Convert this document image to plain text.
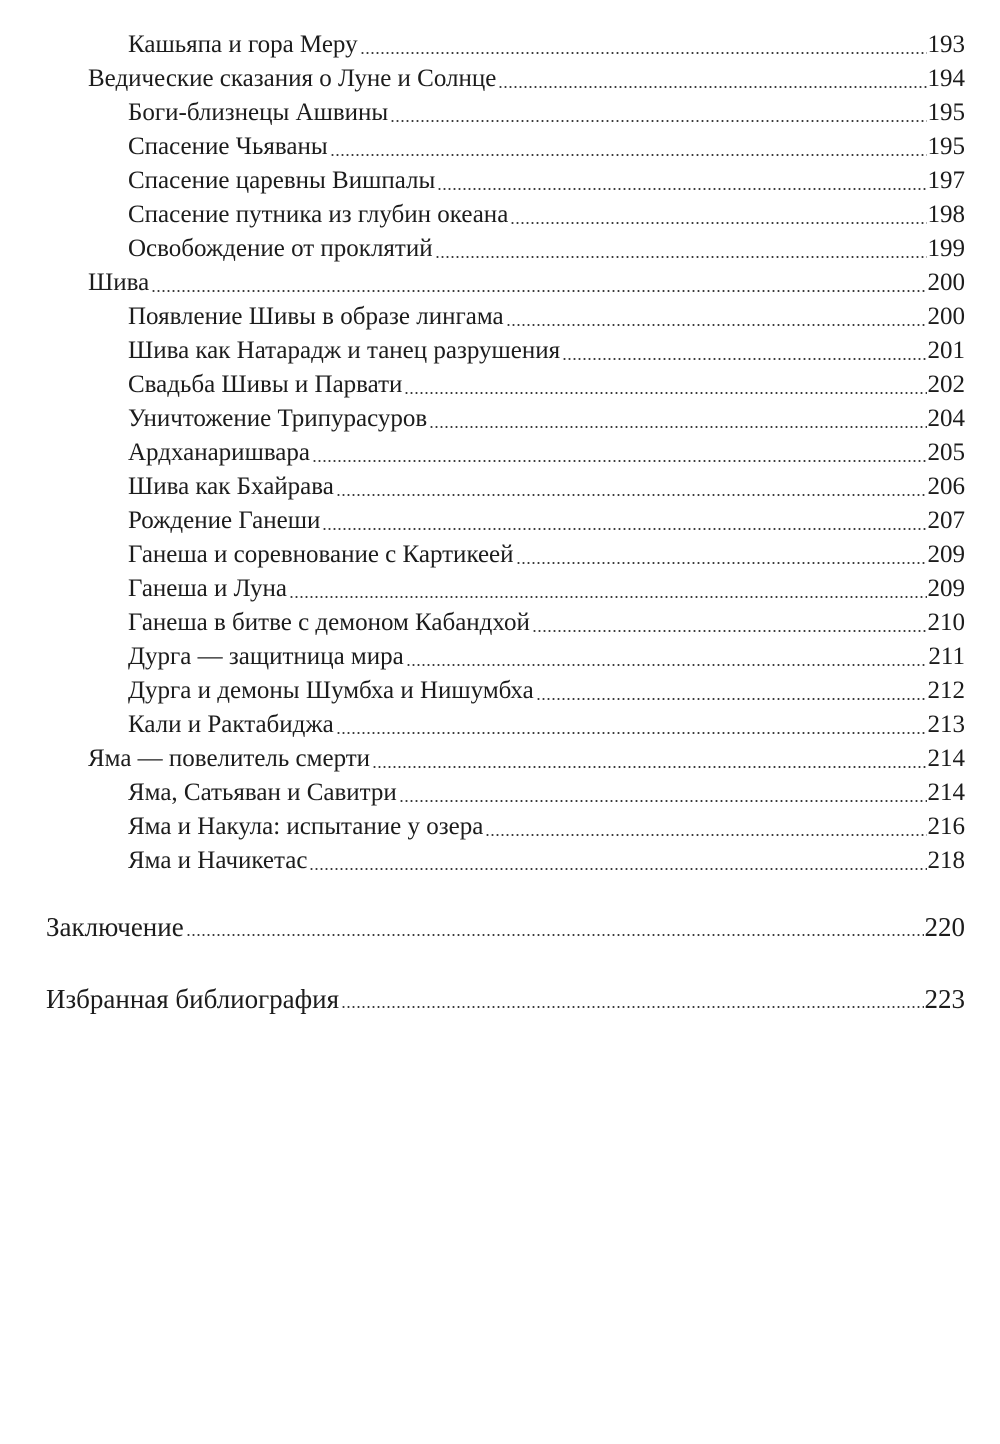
Кашьяпа и гора Меру	193
Ведические сказания о Луне и Солнце	194
Боги-близнецы Ашвины	195
Спасение Чьяваны	195
Спасение царевны Вишпалы	197
Спасение путника из глубин океана	198
Освобождение от проклятий	199
Шива	200
Появление Шивы в образе лингама	200
Шива как Натарадж и танец разрушения	201
Свадьба Шивы и Парвати	202
Уничтожение Трипурасуров	204
Ардханаришвара	205
Шива как Бхайрава	206
Рождение Ганеши	207
Ганеша и соревнование с Картикеей	209
Ганеша и Луна	209
Ганеша в битве с демоном Кабандхой	210
Дурга — защитница мира	211
Дурга и демоны Шумбха и Нишумбха	212
Кали и Рактабиджа	213
Яма — повелитель смерти	214
Яма, Сатьяван и Савитри	214
Яма и Накула: испытание у озера	216
Яма и Начикетас	218
Заключение	220
Избранная библиография	223
